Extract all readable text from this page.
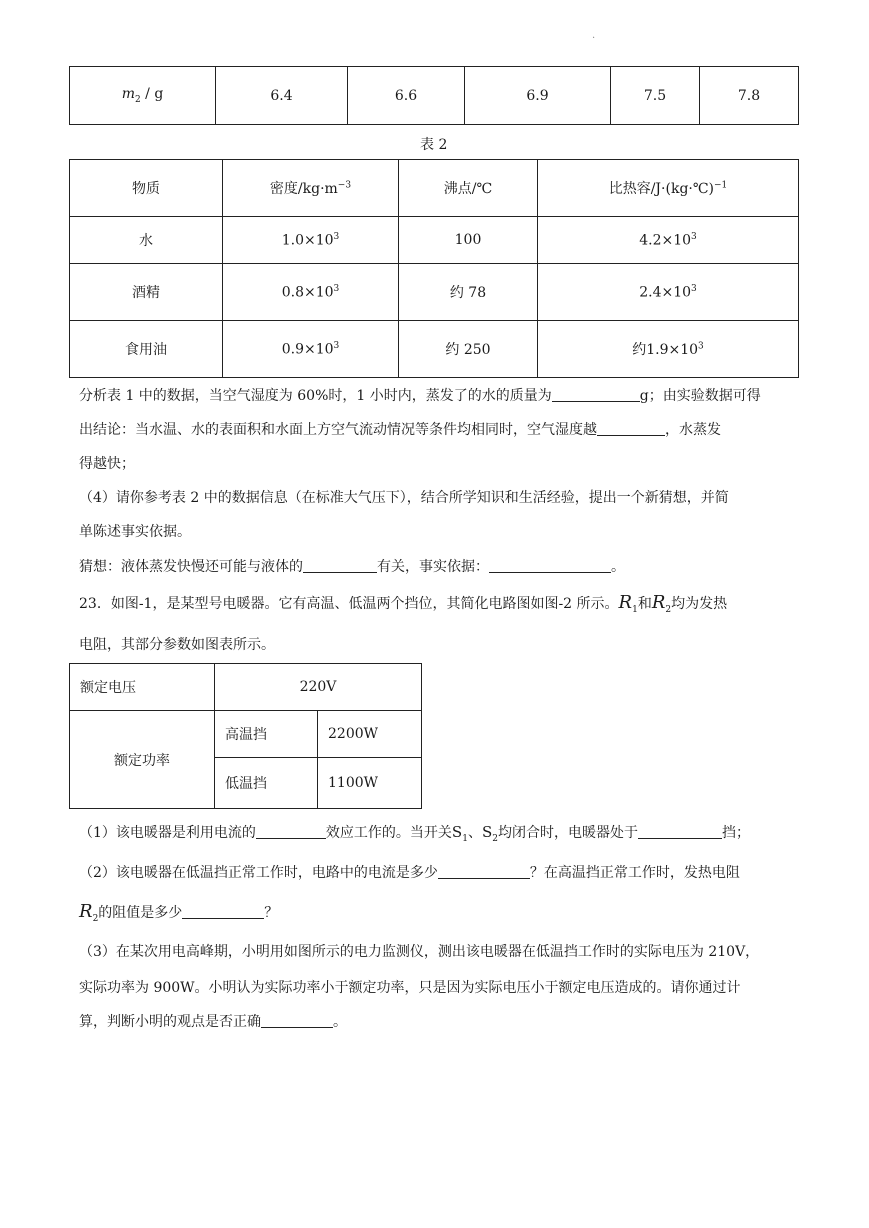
.
$m_2$ / g	6.4	6.6	6.9	7.5	7.8
表 2
物质	密度$/kg\cdot m^{-3}$	沸点/℃	比热容/J·(kg·℃)$^{-1}$
水	$1.0\times 10^3$	100	$4.2\times 10^3$
酒精	$0.8\times 10^3$	约 78	$2.4\times 10^3$
食用油	$0.9\times 10^3$	约 250	约$1.9\times 10^3$
分析表 1 中的数据，当空气湿度为 60%时，1 小时内，蒸发了的水的质量为	g；由实验数据可得
出结论：当水温、水的表面积和水面上方空气流动情况等条件均相同时，空气湿度越	，水蒸发
得越快；
（4）请你参考表 2 中的数据信息（在标准大气压下），结合所学知识和生活经验，提出一个新猜想，并简
单陈述事实依据。
猜想：液体蒸发快慢还可能与液体的	有关，事实依据：	。
23．如图-1，是某型号电暖器。它有高温、低温两个挡位，其简化电路图如图-2 所示。$R_1$和$R_2$均为发热
电阻，其部分参数如图表所示。
额定电压	220V	
额定功率	高温挡	2200W
	低温挡	1100W
（1）该电暖器是利用电流的	效应工作的。当开关$S_1$、$S_2$均闭合时，电暖器处于	挡；
（2）该电暖器在低温挡正常工作时，电路中的电流是多少	？在高温挡正常工作时，发热电阻
$R_2$的阻值是多少	？
（3）在某次用电高峰期，小明用如图所示的电力监测仪，测出该电暖器在低温挡工作时的实际电压为 210V，
实际功率为 900W。小明认为实际功率小于额定功率，只是因为实际电压小于额定电压造成的。请你通过计
算，判断小明的观点是否正确	。
